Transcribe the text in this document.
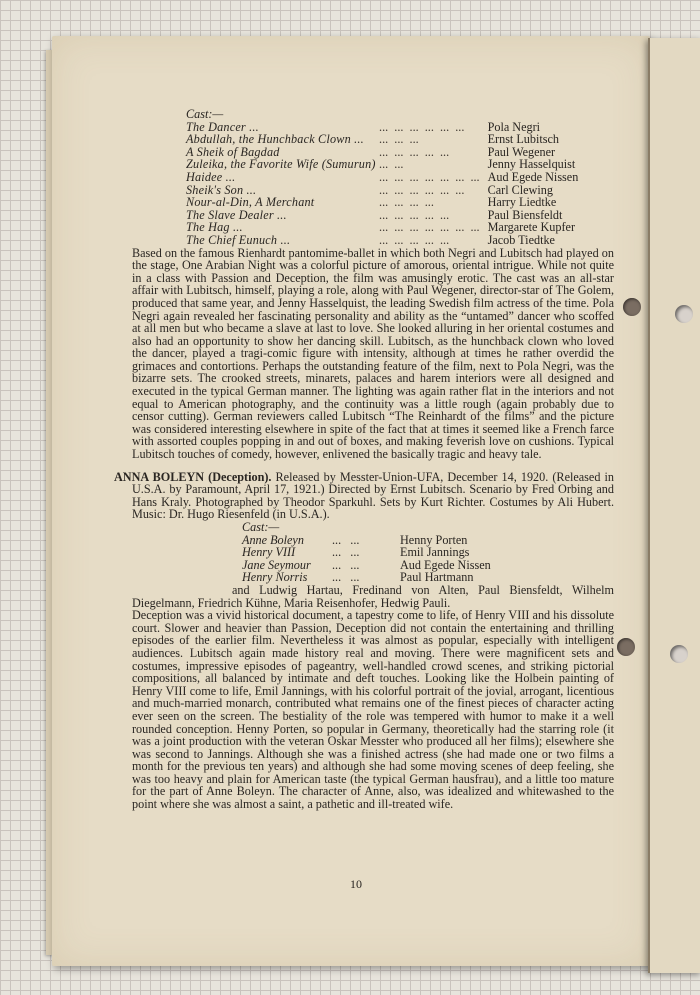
Cast:—
The Dancer ...	...  ...  ...  ...  ...  ...	Pola Negri
Abdullah, the Hunchback Clown ...	...  ...  ...	Ernst Lubitsch
A Sheik of Bagdad	...  ...  ...  ...  ...	Paul Wegener
Zuleika, the Favorite Wife (Sumurun)	...  ...	Jenny Hasselquist
Haidee ...	...  ...  ...  ...  ...  ...  ...	Aud Egede Nissen
Sheik's Son ...	...  ...  ...  ...  ...  ...	Carl Clewing
Nour-al-Din, A Merchant	...  ...  ...  ...	Harry Liedtke
The Slave Dealer ...	...  ...  ...  ...  ...	Paul Biensfeldt
The Hag ...	...  ...  ...  ...  ...  ...  ...	Margarete Kupfer
The Chief Eunuch ...	...  ...  ...  ...  ...	Jacob Tiedtke

Based on the famous Rienhardt pantomime-ballet in which both Negri and Lubitsch had played on the stage, One Arabian Night was a colorful picture of amorous, oriental intrigue. While not quite in a class with Passion and Deception, the film was amusingly erotic. The cast was an all-star affair with Lubitsch, himself, playing a role, along with Paul Wegener, director-star of The Golem, produced that same year, and Jenny Hasselquist, the leading Swedish film actress of the time. Pola Negri again revealed her fascinating personality and ability as the “untamed” dancer who scoffed at all men but who became a slave at last to love. She looked alluring in her oriental costumes and also had an opportunity to show her dancing skill. Lubitsch, as the hunchback clown who loved the dancer, played a tragi-comic figure with intensity, although at times he rather overdid the grimaces and contortions. Perhaps the outstanding feature of the film, next to Pola Negri, was the bizarre sets. The crooked streets, minarets, palaces and harem interiors were all designed and executed in the typical German manner. The lighting was again rather flat in the interiors and not equal to American photography, and the continuity was a little rough (again probably due to censor cutting). German reviewers called Lubitsch “The Reinhardt of the films” and the picture was considered interesting elsewhere in spite of the fact that at times it seemed like a French farce with assorted couples popping in and out of boxes, and making feverish love on cushions. Typical Lubitsch touches of comedy, however, enlivened the basically tragic and heavy tale.

ANNA BOLEYN (Deception). Released by Messter-Union-UFA, December 14, 1920. (Released in U.S.A. by Paramount, April 17, 1921.) Directed by Ernst Lubitsch. Scenario by Fred Orbing and Hans Kraly. Photographed by Theodor Sparkuhl. Sets by Kurt Richter. Costumes by Ali Hubert. Music: Dr. Hugo Riesenfeld (in U.S.A.).

Cast:—
Anne Boleyn	...   ...	Henny Porten
Henry VIII	...   ...	Emil Jannings
Jane Seymour	...   ...	Aud Egede Nissen
Henry Norris	...   ...	Paul Hartmann

and Ludwig Hartau, Fredinand von Alten, Paul Biensfeldt, Wilhelm Diegelmann, Friedrich Kühne, Maria Reisenhofer, Hedwig Pauli.

Deception was a vivid historical document, a tapestry come to life, of Henry VIII and his dissolute court. Slower and heavier than Passion, Deception did not contain the entertaining and thrilling episodes of the earlier film. Nevertheless it was almost as popular, especially with intelligent audiences. Lubitsch again made history real and moving. There were magnificent sets and costumes, impressive episodes of pageantry, well-handled crowd scenes, and striking pictorial compositions, all balanced by intimate and deft touches. Looking like the Holbein painting of Henry VIII come to life, Emil Jannings, with his colorful portrait of the jovial, arrogant, licentious and much-married monarch, contributed what remains one of the finest pieces of character acting ever seen on the screen. The bestiality of the role was tempered with humor to make it a well rounded conception. Henny Porten, so popular in Germany, theoretically had the starring role (it was a joint production with the veteran Oskar Messter who produced all her films); elsewhere she was second to Jannings. Although she was a finished actress (she had made one or two films a month for the previous ten years) and although she had some moving scenes of deep feeling, she was too heavy and plain for American taste (the typical German hausfrau), and a little too mature for the part of Anne Boleyn. The character of Anne, also, was idealized and whitewashed to the point where she was almost a saint, a pathetic and ill-treated wife.

10
